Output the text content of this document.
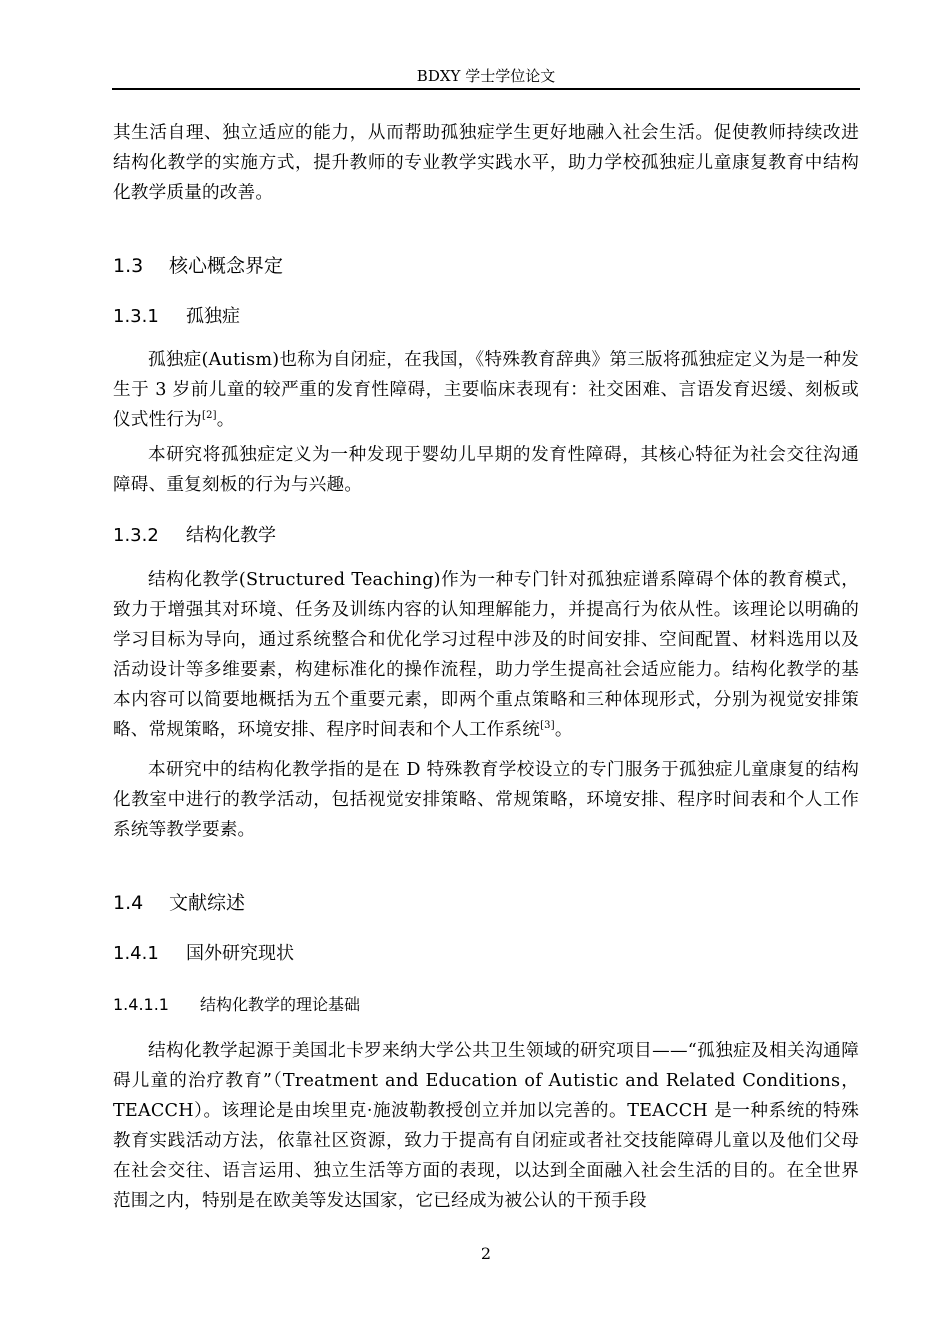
BDXY 学士学位论文

其生活自理、独立适应的能力，从而帮助孤独症学生更好地融入社会生活。促使教师持续改进结构化教学的实施方式，提升教师的专业教学实践水平，助力学校孤独症儿童康复教育中结构化教学质量的改善。

1.3 核心概念界定
1.3.1 孤独症

孤独症(Autism)也称为自闭症，在我国，《特殊教育辞典》第三版将孤独症定义为是一种发生于 3 岁前儿童的较严重的发育性障碍，主要临床表现有：社交困难、言语发育迟缓、刻板或仪式性行为[2]。

本研究将孤独症定义为一种发现于婴幼儿早期的发育性障碍，其核心特征为社会交往沟通障碍、重复刻板的行为与兴趣。

1.3.2 结构化教学

结构化教学(Structured Teaching)作为一种专门针对孤独症谱系障碍个体的教育模式，致力于增强其对环境、任务及训练内容的认知理解能力，并提高行为依从性。该理论以明确的学习目标为导向，通过系统整合和优化学习过程中涉及的时间安排、空间配置、材料选用以及活动设计等多维要素，构建标准化的操作流程，助力学生提高社会适应能力。结构化教学的基本内容可以简要地概括为五个重要元素，即两个重点策略和三种体现形式，分别为视觉安排策略、常规策略，环境安排、程序时间表和个人工作系统[3]。

本研究中的结构化教学指的是在 D 特殊教育学校设立的专门服务于孤独症儿童康复的结构化教室中进行的教学活动，包括视觉安排策略、常规策略，环境安排、程序时间表和个人工作系统等教学要素。

1.4 文献综述
1.4.1 国外研究现状
1.4.1.1 结构化教学的理论基础

结构化教学起源于美国北卡罗来纳大学公共卫生领域的研究项目——“孤独症及相关沟通障碍儿童的治疗教育”（Treatment and Education of Autistic and Related Conditions，TEACCH）。该理论是由埃里克·施波勒教授创立并加以完善的。TEACCH 是一种系统的特殊教育实践活动方法，依靠社区资源，致力于提高有自闭症或者社交技能障碍儿童以及他们父母在社会交往、语言运用、独立生活等方面的表现，以达到全面融入社会生活的目的。在全世界范围之内，特别是在欧美等发达国家，它已经成为被公认的干预手段

2
